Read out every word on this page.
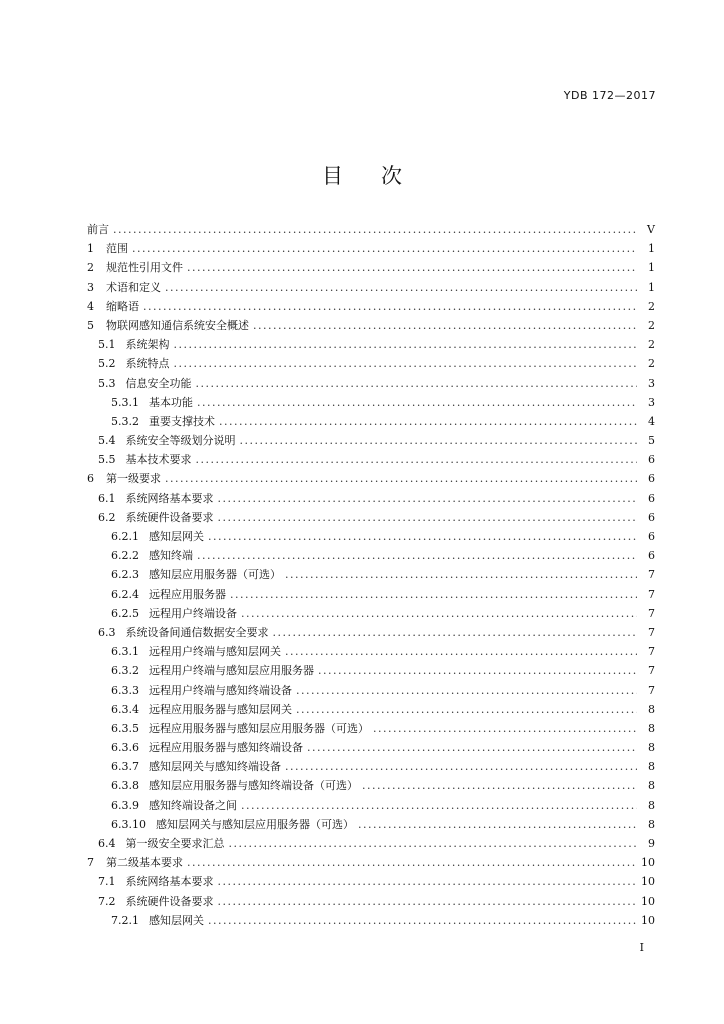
YDB 172—2017
目 次
前言 .....	V
1 范围 .....	1
2 规范性引用文件 .....	1
3 术语和定义 .....	1
4 缩略语 .....	2
5 物联网感知通信系统安全概述 .....	2
5.1 系统架构 .....	2
5.2 系统特点 .....	2
5.3 信息安全功能 .....	3
5.3.1 基本功能 .....	3
5.3.2 重要支撑技术 .....	4
5.4 系统安全等级划分说明 .....	5
5.5 基本技术要求 .....	6
6 第一级要求 .....	6
6.1 系统网络基本要求 .....	6
6.2 系统硬件设备要求 .....	6
6.2.1 感知层网关 .....	6
6.2.2 感知终端 .....	6
6.2.3 感知层应用服务器（可选） .....	7
6.2.4 远程应用服务器 .....	7
6.2.5 远程用户终端设备 .....	7
6.3 系统设备间通信数据安全要求 .....	7
6.3.1 远程用户终端与感知层网关 .....	7
6.3.2 远程用户终端与感知层应用服务器 .....	7
6.3.3 远程用户终端与感知终端设备 .....	7
6.3.4 远程应用服务器与感知层网关 .....	8
6.3.5 远程应用服务器与感知层应用服务器（可选） .....	8
6.3.6 远程应用服务器与感知终端设备 .....	8
6.3.7 感知层网关与感知终端设备 .....	8
6.3.8 感知层应用服务器与感知终端设备（可选） .....	8
6.3.9 感知终端设备之间 .....	8
6.3.10 感知层网关与感知层应用服务器（可选） .....	8
6.4 第一级安全要求汇总 .....	9
7 第二级基本要求 .....	10
7.1 系统网络基本要求 .....	10
7.2 系统硬件设备要求 .....	10
7.2.1 感知层网关 .....	10
I
